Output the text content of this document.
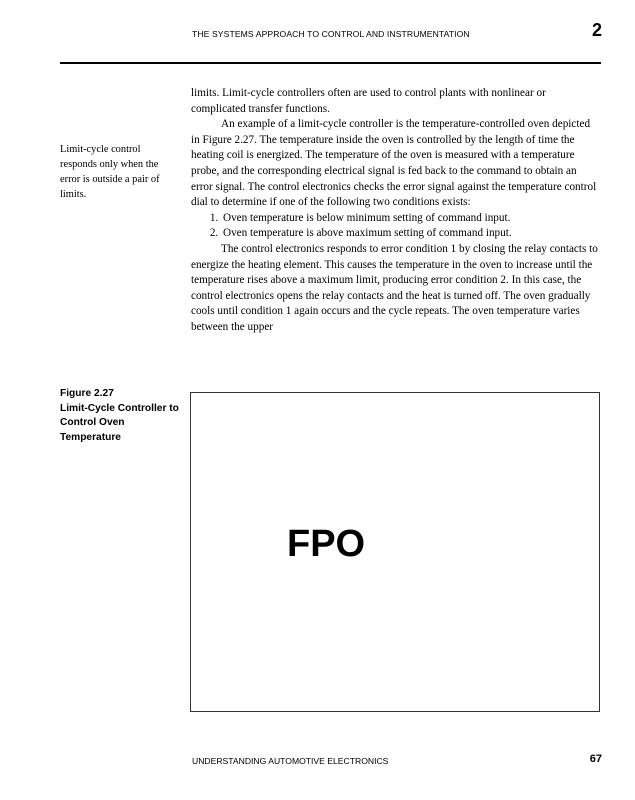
THE SYSTEMS APPROACH TO CONTROL AND INSTRUMENTATION	2
Limit-cycle control responds only when the error is outside a pair of limits.

limits. Limit-cycle controllers often are used to control plants with nonlinear or complicated transfer functions.

An example of a limit-cycle controller is the temperature-controlled oven depicted in Figure 2.27. The temperature inside the oven is controlled by the length of time the heating coil is energized. The temperature of the oven is measured with a temperature probe, and the corresponding electrical signal is fed back to the command to obtain an error signal. The control electronics checks the error signal against the temperature control dial to determine if one of the following two conditions exists:

1. Oven temperature is below minimum setting of command input.
2. Oven temperature is above maximum setting of command input.

The control electronics responds to error condition 1 by closing the relay contacts to energize the heating element. This causes the temperature in the oven to increase until the temperature rises above a maximum limit, producing error condition 2. In this case, the control electronics opens the relay contacts and the heat is turned off. The oven gradually cools until condition 1 again occurs and the cycle repeats. The oven temperature varies between the upper

Figure 2.27
Limit-Cycle Controller to Control Oven Temperature
FPO
UNDERSTANDING AUTOMOTIVE ELECTRONICS	67
